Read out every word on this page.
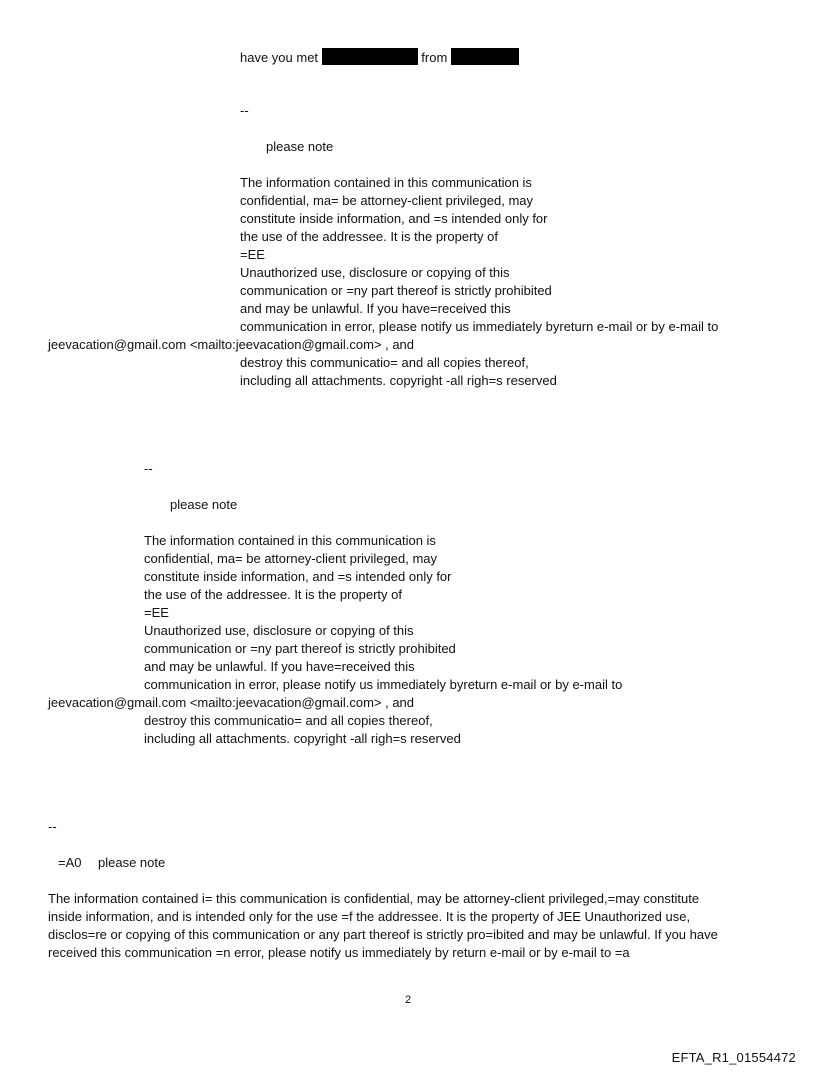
have you met	from
--
please note
The information contained in this communication is
confidential, ma= be attorney-client privileged, may
constitute inside information, and =s intended only for
the use of the addressee. It is the property of
=EE
Unauthorized use, disclosure or copying of this
communication or =ny part thereof is strictly prohibited
and may be unlawful. If you have=received this
communication in error, please notify us immediately byreturn e-mail or by e-mail to
jeevacation@gmail.com <mailto:jeevacation@gmail.com> , and
destroy this communicatio= and all copies thereof,
including all attachments. copyright -all righ=s reserved
--
please note
The information contained in this communication is
confidential, ma= be attorney-client privileged, may
constitute inside information, and =s intended only for
the use of the addressee. It is the property of
=EE
Unauthorized use, disclosure or copying of this
communication or =ny part thereof is strictly prohibited
and may be unlawful. If you have=received this
communication in error, please notify us immediately byreturn e-mail or by e-mail to
jeevacation@gmail.com <mailto:jeevacation@gmail.com> , and
destroy this communicatio= and all copies thereof,
including all attachments. copyright -all righ=s reserved
--
=A0 please note
The information contained i= this communication is confidential, may be attorney-client privileged,=may constitute
inside information, and is intended only for the use =f the addressee. It is the property of JEE Unauthorized use,
disclos=re or copying of this communication or any part thereof is strictly pro=ibited and may be unlawful. If you have
received this communication =n error, please notify us immediately by return e-mail or by e-mail to =a
2
EFTA_R1_01554472
